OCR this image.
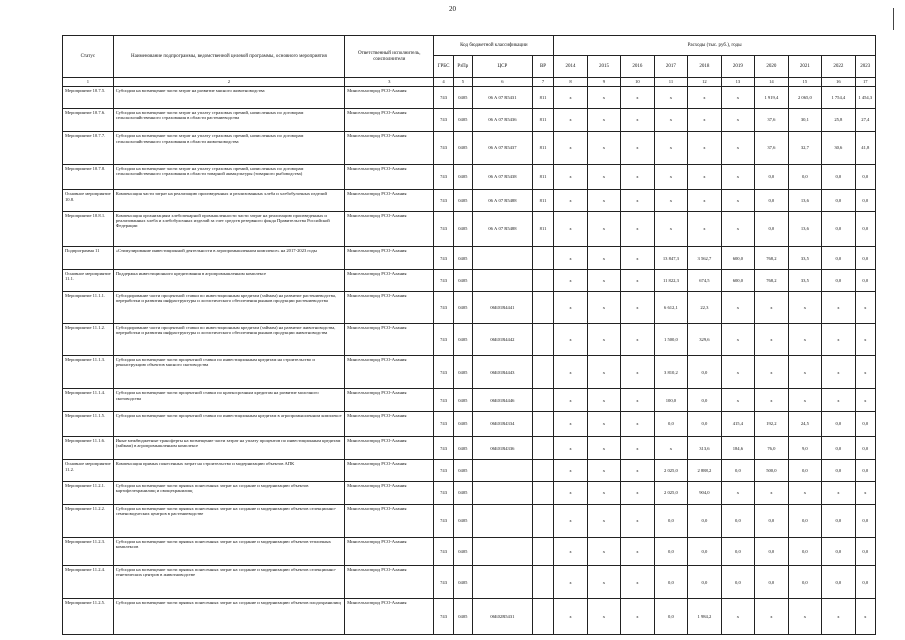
20
Статус	Наименование подпрограммы, ведомственной целевой программы, основного мероприятия	Ответственный исполнитель, соисполнители	Код бюджетной классификации				Расходы (тыс. руб.), годы									
			ГРБС	РзПр	ЦСР	ВР	2014	2015	2016	2017	2018	2019	2020	2021	2022	2023
1	2	3	4	5	6	7	8	9	10	11	12	13	14	15	16	17
Мероприятие 10.7.5.	Субсидии на возмещение части затрат на развитие мясного животноводства	Минсельхозпрод РСО-Алания	743	0405	06 А 07 R5431	811	х	х	х	х	х	х	1 919,4	2 065,0	1 754,4	1 454,3
Мероприятие 10.7.6.	Субсидии на возмещение части затрат на уплату страховых премий, начисленных по договорам сельскохозяйственного страхования в области растениеводства	Минсельхозпрод РСО-Алания	743	0405	06 А 07 R5436	811	х	х	х	х	х	х	37,6	30,1	25,8	27,4
Мероприятие 10.7.7.	Субсидии на возмещение части затрат на уплату страховых премий, начисленных по договорам сельскохозяйственного страхования в области животноводства	Минсельхозпрод РСО-Алания	743	0405	06 А 07 R5437	811	х	х	х	х	х	х	37,6	32,7	30,6	41,8
Мероприятие 10.7.8.	Субсидии на возмещение части затрат на уплату страховых премий, начисленных по договорам сельскохозяйственного страхования в области товарной аквакультуры (товарного рыбоводства)	Минсельхозпрод РСО-Алания	743	0405	06 А 07 R5438	811	х	х	х	х	х	х	0,0	0,0	0,0	0,0
Основное мероприятие 10.8.	Компенсация части затрат на реализацию произведенных и реализованных хлеба и хлебобулочных изделий	Минсельхозпрод РСО-Алания	743	0405	06 А 07 R5488	811	х	х	х	х	х	х	0,0	13,6	0,0	0,0
Мероприятие 10.8.1.	Компенсация организациям хлебопекарной промышленности части затрат на реализацию произведенных и реализованных хлеба и хлебобулочных изделий за счет средств резервного фонда Правительства Российской Федерации	Минсельхозпрод РСО-Алания	743	0405	06 А 07 R5488	811	х	х	х	х	х	х	0,0	13,6	0,0	0,0
Подпрограмма 11	«Стимулирование инвестиционной деятельности в агропромышленном комплексе» на 2017-2023 годы	Минсельхозпрод РСО-Алания	743	0405			х	х	х	13 847,3	3 562,7	600,0	768,2	33,5	0,0	0,0
Основное мероприятие 11.1.	Поддержка инвестиционного кредитования в агропромышленном комплексе	Минсельхозпрод РСО-Алания	743	0405			х	х	х	11 822,3	674,5	600,0	768,2	33,5	0,0	0,0
Мероприятие 11.1.1.	Субсидирование части процентной ставки по инвестиционным кредитам (займам) на развитие растениеводства, переработки и развития инфраструктуры и логистического обеспечения рынков продукции растениеводства	Минсельхозпрод РСО-Алания	743	0405	06Б01R4441		х	х	х	6 612,1	22,3	х	х	х	х	х
Мероприятие 11.1.2.	Субсидирование части процентной ставки по инвестиционным кредитам (займам) на развитие животноводства, переработки и развития инфраструктуры и логистического обеспечения рынков продукции животноводства	Минсельхозпрод РСО-Алания	743	0405	06Б01R4442		х	х	х	1 500,0	329,6	х	х	х	х	х
Мероприятие 11.1.3.	Субсидии на возмещение части процентной ставки по инвестиционным кредитам на строительство и реконструкцию объектов мясного скотоводства	Минсельхозпрод РСО-Алания	743	0405	06Б01R4443		х	х	х	3 810,2	0,0	х	х	х	х	х
Мероприятие 11.1.4.	Субсидии на возмещение части процентной ставки по краткосрочным кредитам на развитие молочного скотоводства	Минсельхозпрод РСО-Алания	743	0405	06Б01R4446		х	х	х	100,0	0,0	х	х	х	х	х
Мероприятие 11.1.5.	Субсидии на возмещение части процентной ставки по инвестиционным кредитам в агропромышленном комплексе	Минсельхозпрод РСО-Алания	743	0405	06Б01R4334		х	х	х	0,0	0,0	415,4	192,2	24,5	0,0	0,0
Мероприятие 11.1.6.	Иные межбюджетные трансферты на возмещение части затрат на уплату процентов по инвестиционным кредитам (займам) в агропромышленном комплексе	Минсельхозпрод РСО-Алания	743	0405	06Б01R4336		х	х	х	х	313,6	184,6	76,0	9,0	0,0	0,0
Основное мероприятие 11.2.	Компенсация прямых понесенных затрат на строительство и модернизацию объектов АПК	Минсельхозпрод РСО-Алания	743	0405			х	х	х	2 025,0	2 888,2	0,0	500,0	0,0	0,0	0,0
Мероприятие 11.2.1.	Субсидии на возмещение части прямых понесенных затрат на создание и модернизацию объектов картофелехранилищ и овощехранилищ	Минсельхозпрод РСО-Алания	743	0405			х	х	х	2 025,0	904,0	х	х	х	х	х
Мероприятие 11.2.2.	Субсидии на возмещение части прямых понесенных затрат на создание и модернизацию объектов селекционно-семеноводческих центров в растениеводстве	Минсельхозпрод РСО-Алания	743	0405			х	х	х	0,0	0,0	0,0	0,0	0,0	0,0	0,0
Мероприятие 11.2.3.	Субсидии на возмещение части прямых понесенных затрат на создание и модернизацию объектов тепличных комплексов	Минсельхозпрод РСО-Алания	743	0405			х	х	х	0,0	0,0	0,0	0,0	0,0	0,0	0,0
Мероприятие 11.2.4.	Субсидии на возмещение части прямых понесенных затрат на создание и модернизацию объектов селекционно-генетических центров в животноводстве	Минсельхозпрод РСО-Алания	743	0405			х	х	х	0,0	0,0	0,0	0,0	0,0	0,0	0,0
Мероприятие 11.2.5.	Субсидии на возмещение части прямых понесенных затрат на создание и модернизацию объектов плодохранилищ	Минсельхозпрод РСО-Алания	743	0405	06Б02R5431		х	х	х	0,0	1 984,2	х	х	х	х	х
